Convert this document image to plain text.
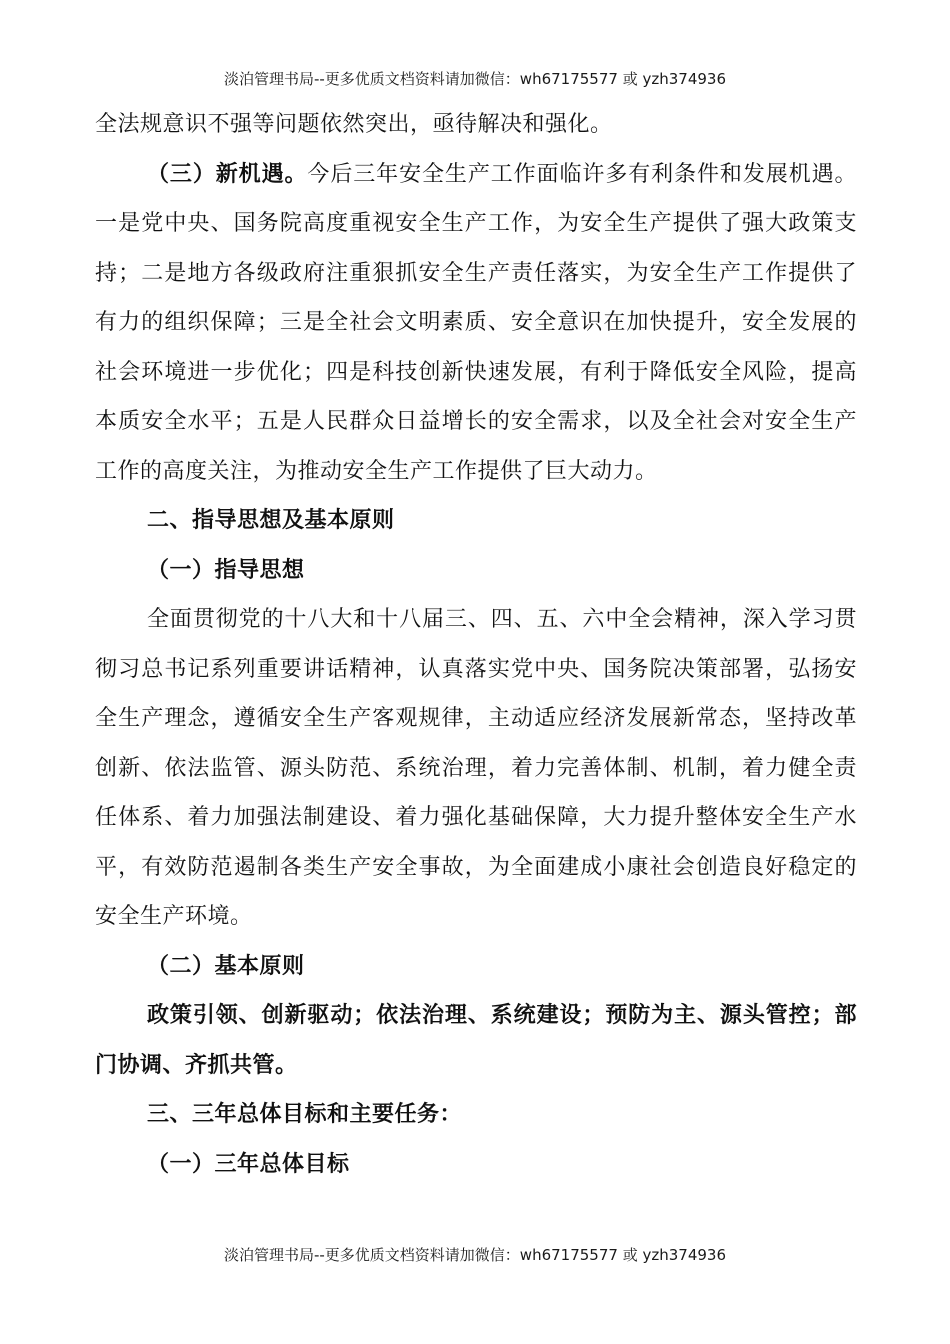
淡泊管理书局--更多优质文档资料请加微信：wh67175577 或 yzh374936

全法规意识不强等问题依然突出，亟待解决和强化。

（三）新机遇。今后三年安全生产工作面临许多有利条件和发展机遇。一是党中央、国务院高度重视安全生产工作，为安全生产提供了强大政策支持；二是地方各级政府注重狠抓安全生产责任落实，为安全生产工作提供了有力的组织保障；三是全社会文明素质、安全意识在加快提升，安全发展的社会环境进一步优化；四是科技创新快速发展，有利于降低安全风险，提高本质安全水平；五是人民群众日益增长的安全需求，以及全社会对安全生产工作的高度关注，为推动安全生产工作提供了巨大动力。

二、指导思想及基本原则

（一）指导思想

全面贯彻党的十八大和十八届三、四、五、六中全会精神，深入学习贯彻习总书记系列重要讲话精神，认真落实党中央、国务院决策部署，弘扬安全生产理念，遵循安全生产客观规律，主动适应经济发展新常态，坚持改革创新、依法监管、源头防范、系统治理，着力完善体制、机制，着力健全责任体系、着力加强法制建设、着力强化基础保障，大力提升整体安全生产水平，有效防范遏制各类生产安全事故，为全面建成小康社会创造良好稳定的安全生产环境。

（二）基本原则

政策引领、创新驱动；依法治理、系统建设；预防为主、源头管控；部门协调、齐抓共管。

三、三年总体目标和主要任务：

（一）三年总体目标

淡泊管理书局--更多优质文档资料请加微信：wh67175577 或 yzh374936
